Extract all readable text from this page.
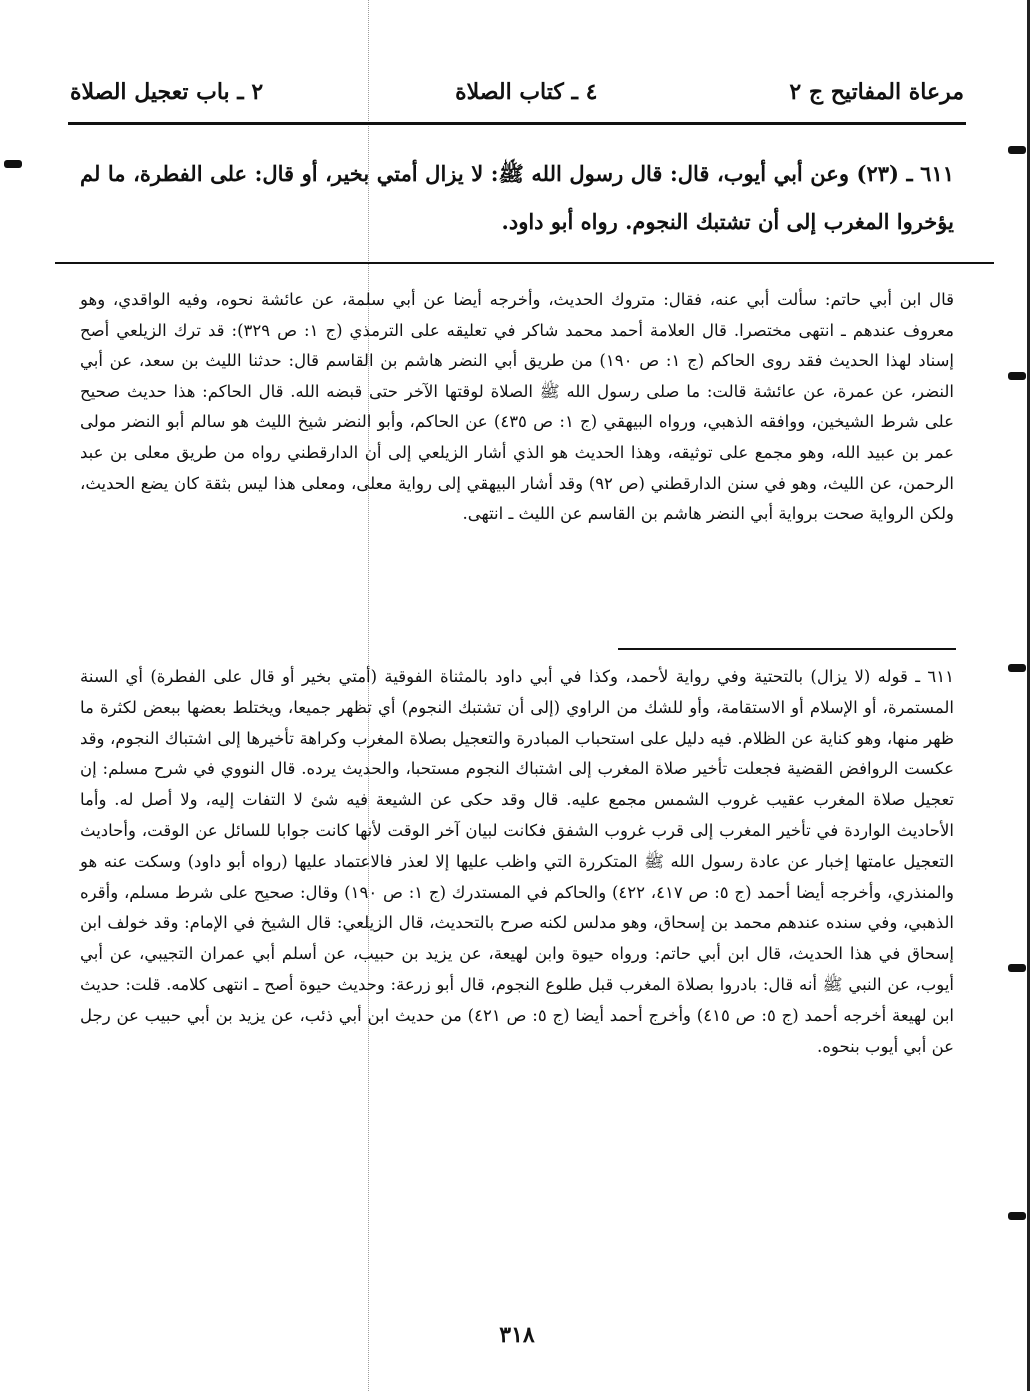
مرعاة المفاتيح ج ٢
٤ ـ كتاب الصلاة
٢ ـ باب تعجيل الصلاة
٦١١ ـ (٢٣) وعن أبي أيوب، قال: قال رسول الله ﷺ: لا يزال أمتي بخير، أو قال: على الفطرة، ما لم يؤخروا المغرب إلى أن تشتبك النجوم. رواه أبو داود.
قال ابن أبي حاتم: سألت أبي عنه، فقال: متروك الحديث، وأخرجه أيضا عن أبي سلمة، عن عائشة نحوه، وفيه الواقدي، وهو معروف عندهم ـ انتهى مختصرا. قال العلامة أحمد محمد شاكر في تعليقه على الترمذي (ج ١: ص ٣٢٩): قد ترك الزيلعي أصح إسناد لهذا الحديث فقد روى الحاكم (ج ١: ص ١٩٠) من طريق أبي النضر هاشم بن القاسم قال: حدثنا الليث بن سعد، عن أبي النضر، عن عمرة، عن عائشة قالت: ما صلى رسول الله ﷺ الصلاة لوقتها الآخر حتى قبضه الله. قال الحاكم: هذا حديث صحيح على شرط الشيخين، ووافقه الذهبي، ورواه البيهقي (ج ١: ص ٤٣٥) عن الحاكم، وأبو النضر شيخ الليث هو سالم أبو النضر مولى عمر بن عبيد الله، وهو مجمع على توثيقه، وهذا الحديث هو الذي أشار الزيلعي إلى أن الدارقطني رواه من طريق معلى بن عبد الرحمن، عن الليث، وهو في سنن الدارقطني (ص ٩٢) وقد أشار البيهقي إلى رواية معلى، ومعلى هذا ليس بثقة كان يضع الحديث، ولكن الرواية صحت برواية أبي النضر هاشم بن القاسم عن الليث ـ انتهى.
٦١١ ـ قوله (لا يزال) بالتحتية وفي رواية لأحمد، وكذا في أبي داود بالمثناة الفوقية (أمتي بخير أو قال على الفطرة) أي السنة المستمرة، أو الإسلام أو الاستقامة، وأو للشك من الراوي (إلى أن تشتبك النجوم) أي تظهر جميعا، ويختلط بعضها ببعض لكثرة ما ظهر منها، وهو كناية عن الظلام. فيه دليل على استحباب المبادرة والتعجيل بصلاة المغرب وكراهة تأخيرها إلى اشتباك النجوم، وقد عكست الروافض القضية فجعلت تأخير صلاة المغرب إلى اشتباك النجوم مستحبا، والحديث يرده. قال النووي في شرح مسلم: إن تعجيل صلاة المغرب عقيب غروب الشمس مجمع عليه. قال وقد حكى عن الشيعة فيه شئ لا التفات إليه، ولا أصل له. وأما الأحاديث الواردة في تأخير المغرب إلى قرب غروب الشفق فكانت لبيان آخر الوقت لأنها كانت جوابا للسائل عن الوقت، وأحاديث التعجيل عامتها إخبار عن عادة رسول الله ﷺ المتكررة التي واظب عليها إلا لعذر فالاعتماد عليها (رواه أبو داود) وسكت عنه هو والمنذري، وأخرجه أيضا أحمد (ج ٥: ص ٤١٧، ٤٢٢) والحاكم في المستدرك (ج ١: ص ١٩٠) وقال: صحيح على شرط مسلم، وأقره الذهبي، وفي سنده عندهم محمد بن إسحاق، وهو مدلس لكنه صرح بالتحديث، قال الزيلعي: قال الشيخ في الإمام: وقد خولف ابن إسحاق في هذا الحديث، قال ابن أبي حاتم: ورواه حيوة وابن لهيعة، عن يزيد بن حبيب، عن أسلم أبي عمران التجيبي، عن أبي أيوب، عن النبي ﷺ أنه قال: بادروا بصلاة المغرب قبل طلوع النجوم، قال أبو زرعة: وحديث حيوة أصح ـ انتهى كلامه. قلت: حديث ابن لهيعة أخرجه أحمد (ج ٥: ص ٤١٥) وأخرج أحمد أيضا (ج ٥: ص ٤٢١) من حديث ابن أبي ذئب، عن يزيد بن أبي حبيب عن رجل عن أبي أيوب بنحوه.
٣١٨
